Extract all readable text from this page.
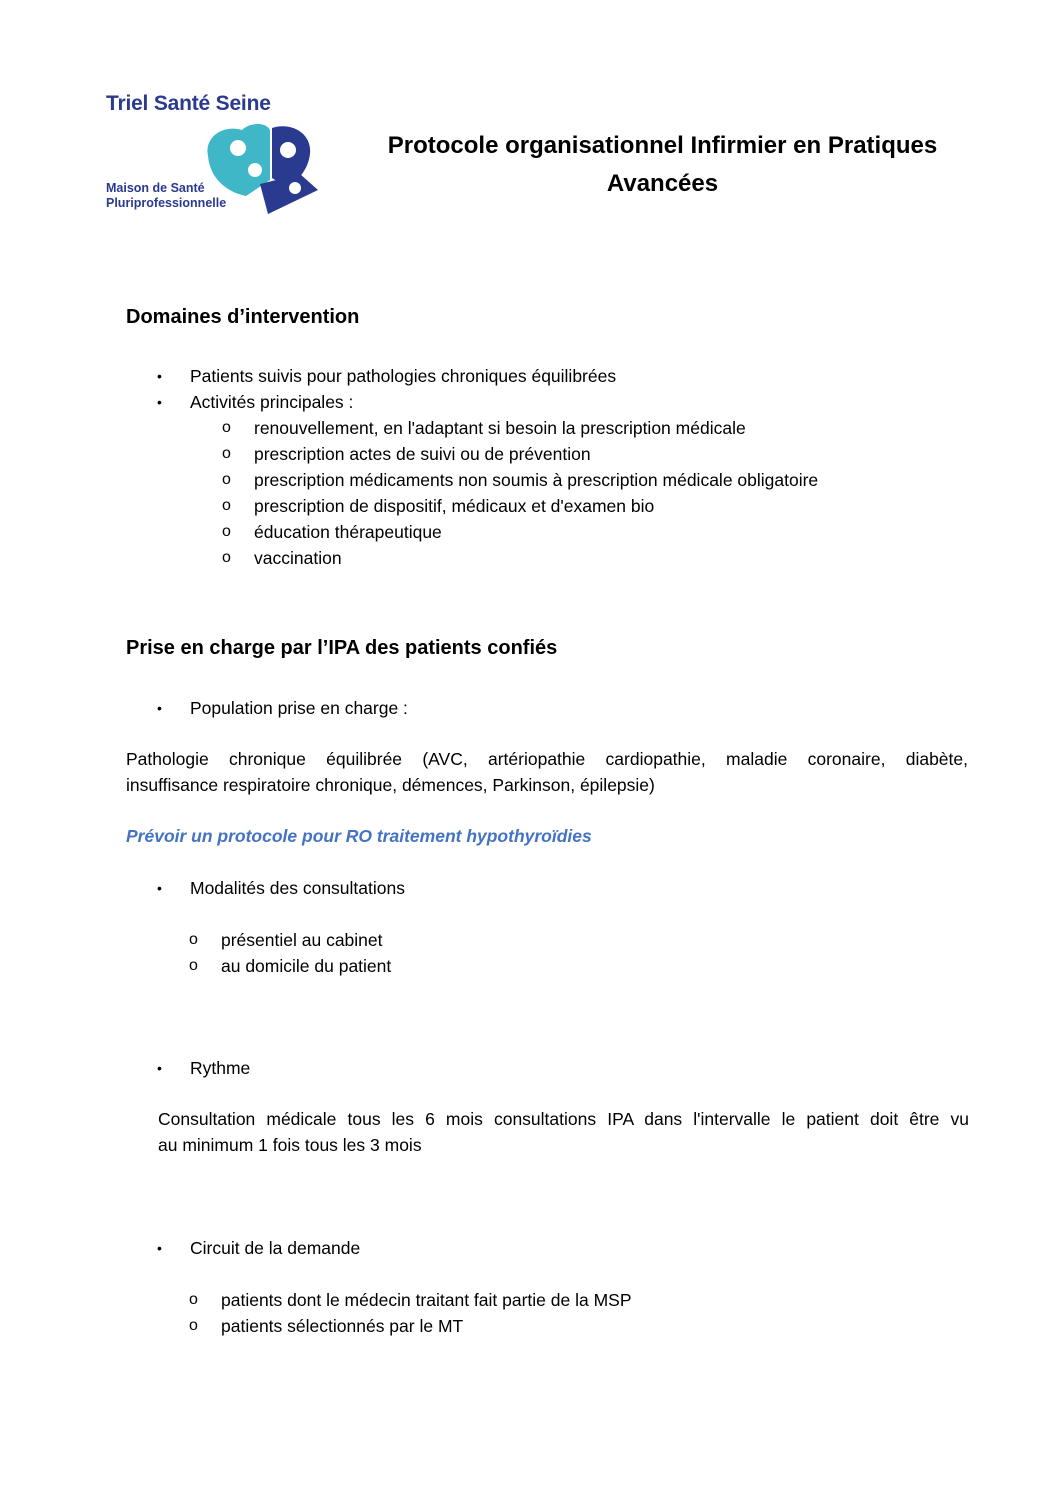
Triel Santé Seine
Maison de Santé
Pluriprofessionnelle
Protocole organisationnel Infirmier en Pratiques
Avancées
Domaines d’intervention
• Patients suivis pour pathologies chroniques équilibrées
• Activités principales :
o renouvellement, en l'adaptant si besoin la prescription médicale
o prescription actes de suivi ou de prévention
o prescription médicaments non soumis à prescription médicale obligatoire
o prescription de dispositif, médicaux et d'examen bio
o éducation thérapeutique
o vaccination
Prise en charge par l’IPA des patients confiés
• Population prise en charge :
Pathologie chronique équilibrée (AVC, artériopathie cardiopathie, maladie coronaire, diabète,
insuffisance respiratoire chronique, démences, Parkinson, épilepsie)
Prévoir un protocole pour RO traitement hypothyroïdies
• Modalités des consultations
o présentiel au cabinet
o au domicile du patient
• Rythme
Consultation médicale tous les 6 mois consultations IPA dans l'intervalle le patient doit être vu
au minimum 1 fois tous les 3 mois
• Circuit de la demande
o patients dont le médecin traitant fait partie de la MSP
o patients sélectionnés par le MT
